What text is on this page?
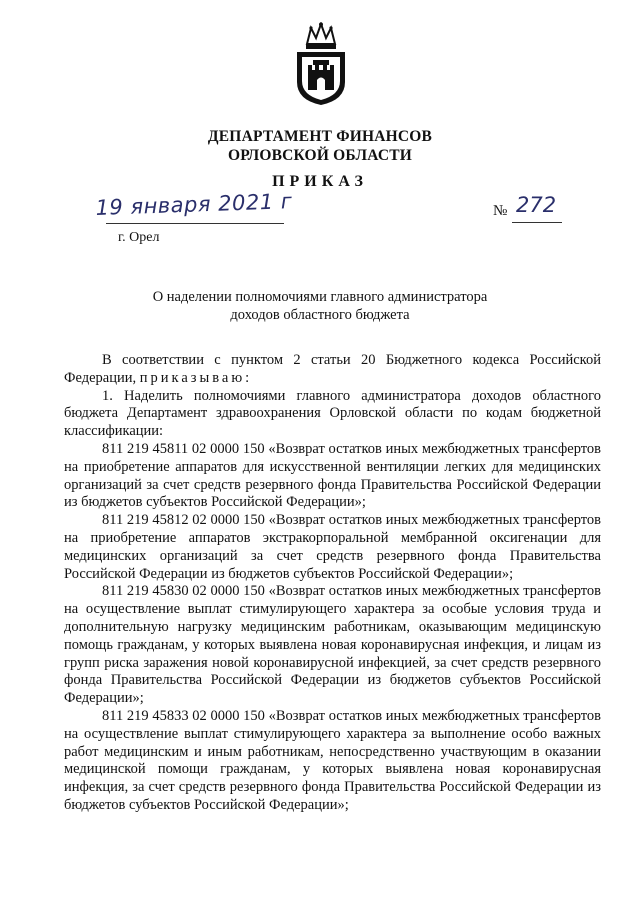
ДЕПАРТАМЕНТ ФИНАНСОВ
ОРЛОВСКОЙ ОБЛАСТИ
ПРИКАЗ
19 января 2021 г
г. Орел
№ 272
О наделении полномочиями главного администратора
доходов областного бюджета

В соответствии с пунктом 2 статьи 20 Бюджетного кодекса Российской Федерации, приказываю:

1. Наделить полномочиями главного администратора доходов областного бюджета Департамент здравоохранения Орловской области по кодам бюджетной классификации:

811 219 45811 02 0000 150 «Возврат остатков иных межбюджетных трансфертов на приобретение аппаратов для искусственной вентиляции легких для медицинских организаций за счет средств резервного фонда Правительства Российской Федерации из бюджетов субъектов Российской Федерации»;

811 219 45812 02 0000 150 «Возврат остатков иных межбюджетных трансфертов на приобретение аппаратов экстракорпоральной мембранной оксигенации для медицинских организаций за счет средств резервного фонда Правительства Российской Федерации из бюджетов субъектов Российской Федерации»;

811 219 45830 02 0000 150 «Возврат остатков иных межбюджетных трансфертов на осуществление выплат стимулирующего характера за особые условия труда и дополнительную нагрузку медицинским работникам, оказывающим медицинскую помощь гражданам, у которых выявлена новая коронавирусная инфекция, и лицам из групп риска заражения новой коронавирусной инфекцией, за счет средств резервного фонда Правительства Российской Федерации из бюджетов субъектов Российской Федерации»;

811 219 45833 02 0000 150 «Возврат остатков иных межбюджетных трансфертов на осуществление выплат стимулирующего характера за выполнение особо важных работ медицинским и иным работникам, непосредственно участвующим в оказании медицинской помощи гражданам, у которых выявлена новая коронавирусная инфекция, за счет средств резервного фонда Правительства Российской Федерации из бюджетов субъектов Российской Федерации»;
